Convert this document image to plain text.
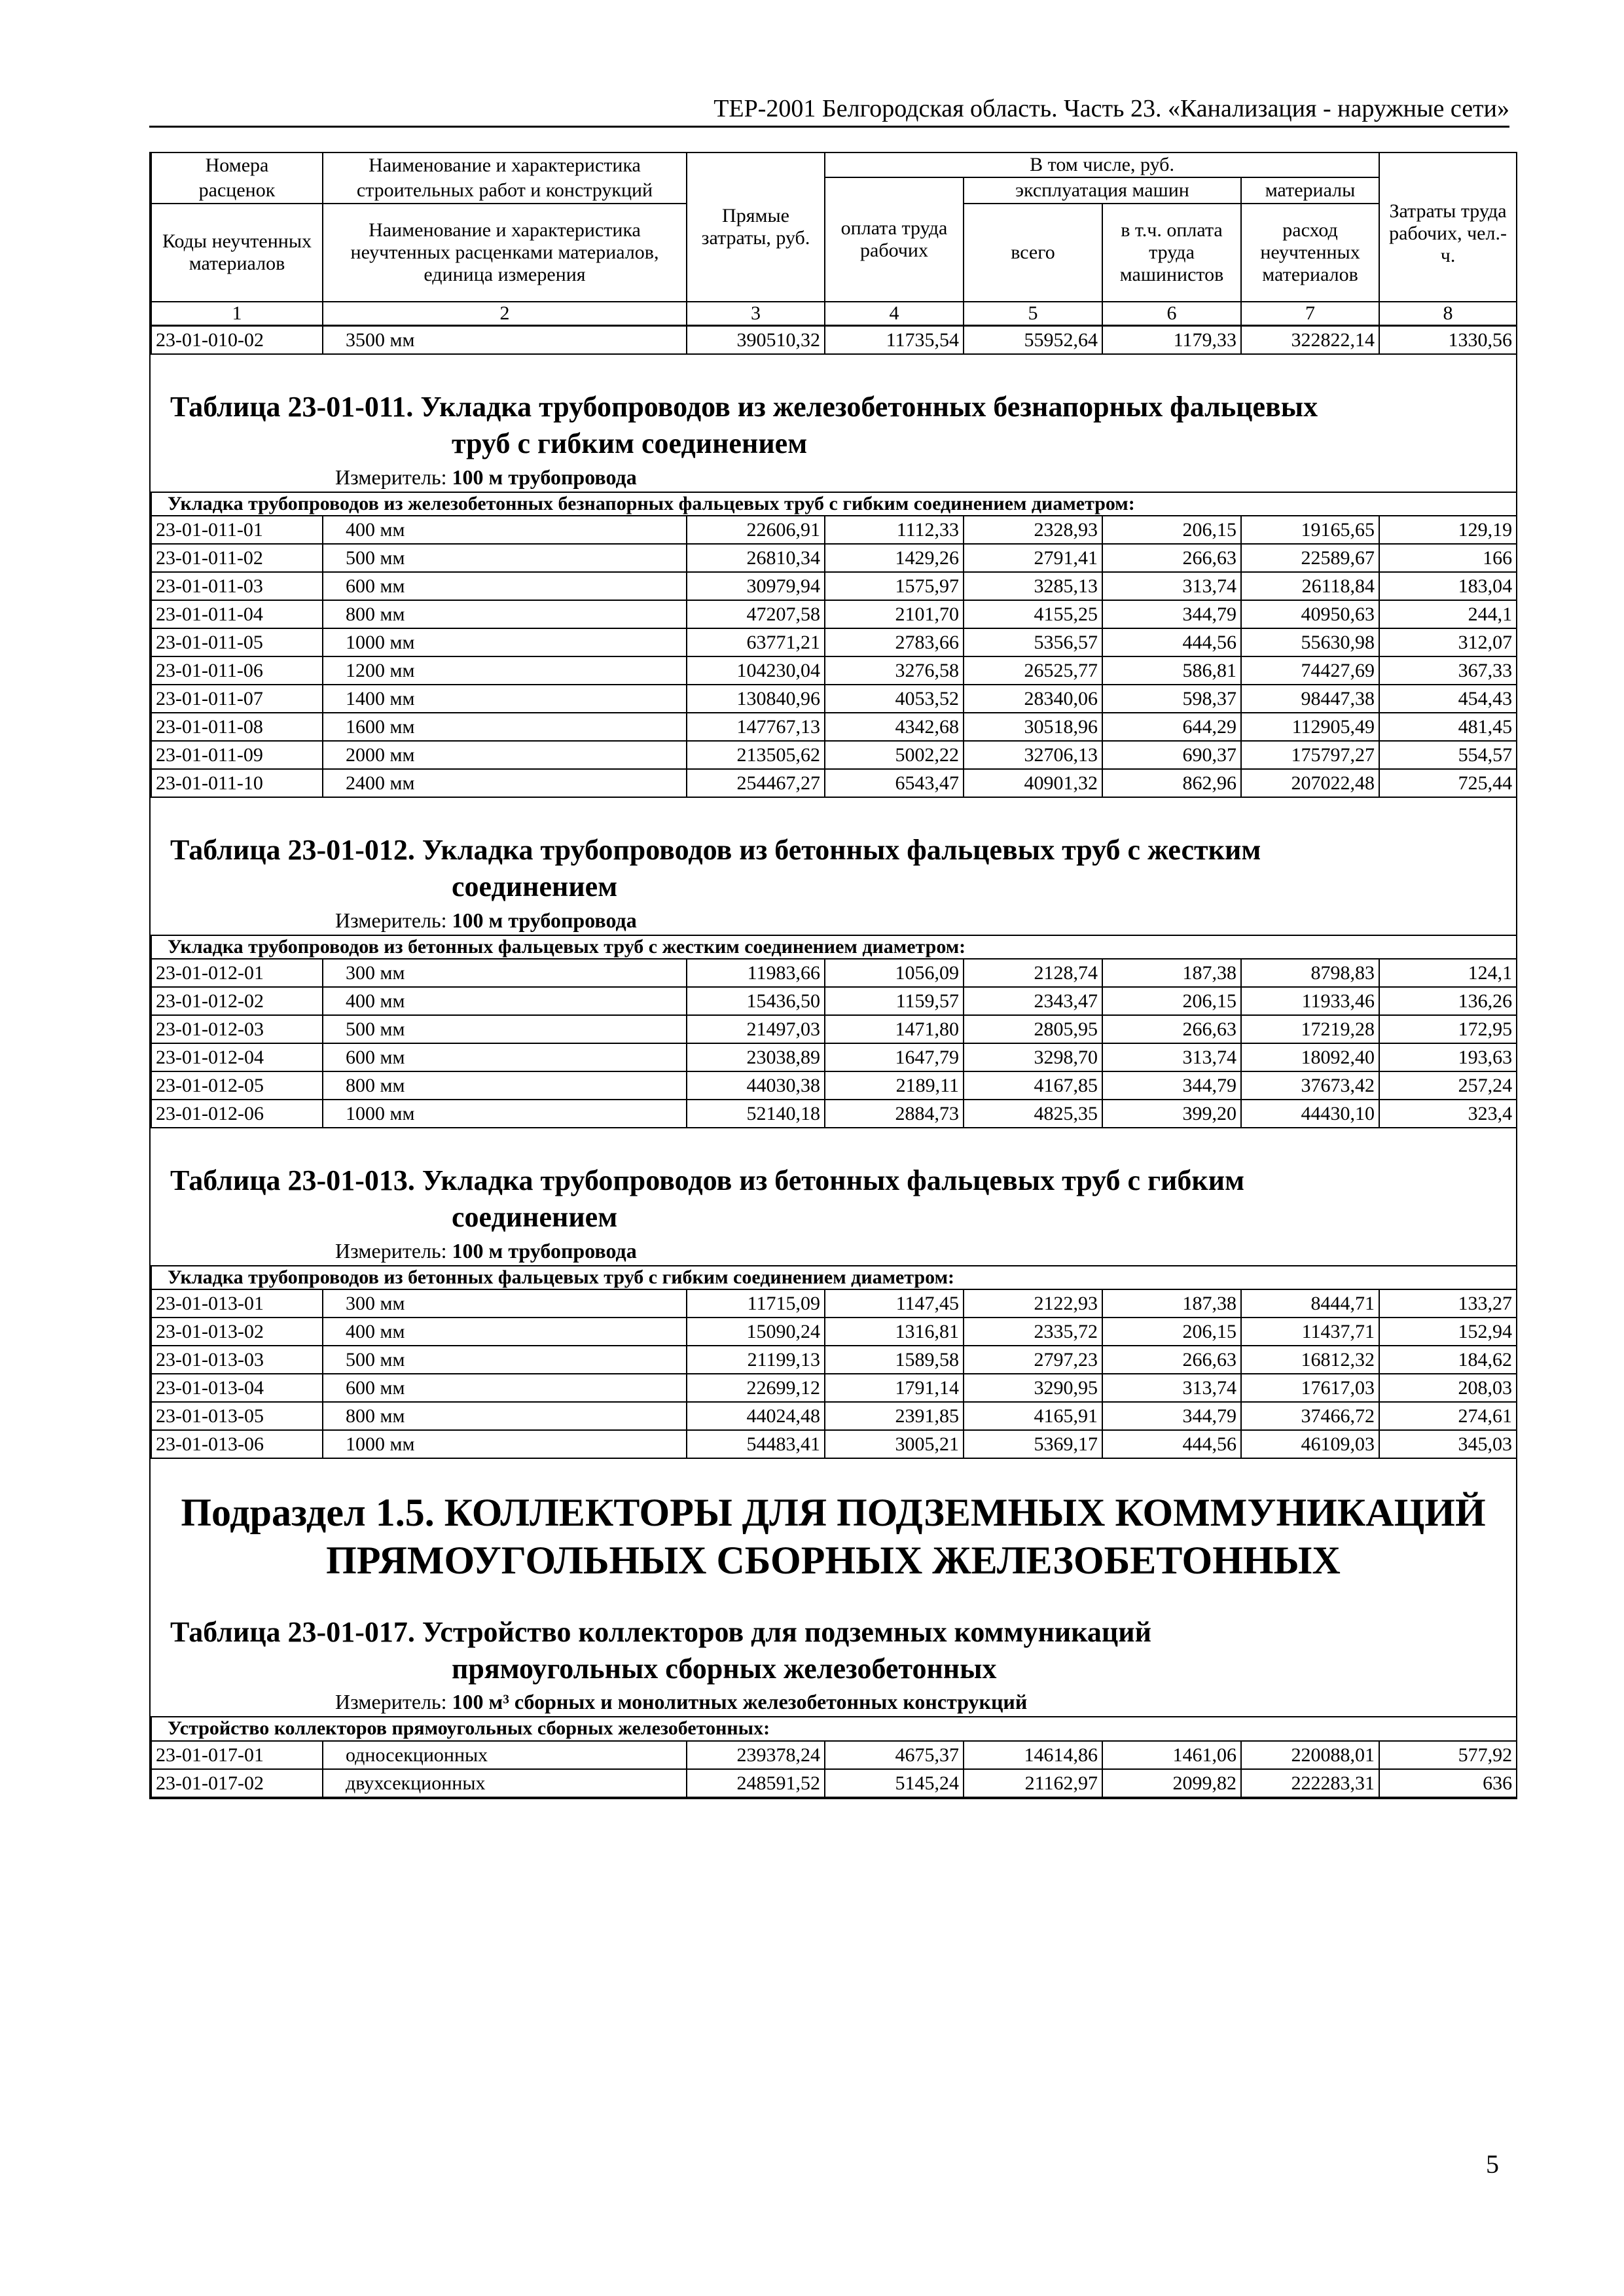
ТЕР-2001 Белгородская область. Часть 23. «Канализация - наружные сети»
Номера	Наименование и характеристика	Прямые затраты, руб.	В том числе, руб.				Затраты труда рабочих, чел.-ч.
расценок	строительных работ и конструкций		оплата труда рабочих	эксплуатация машин		материалы	
Коды неучтенных материалов	Наименование и характеристика неучтенных расценками материалов, единица измерения			всего	в т.ч. оплата труда машинистов	расход неучтенных материалов	
1	2	3	4	5	6	7	8

23-01-010-02	3500 мм	390510,32	11735,54	55952,64	1179,33	322822,14	1330,56
Таблица 23-01-011. Укладка трубопроводов из железобетонных безнапорных фальцевых
труб с гибким соединением
Измеритель: 100 м трубопровода
Укладка трубопроводов из железобетонных безнапорных фальцевых труб с гибким соединением диаметром:							
23-01-011-01	400 мм	22606,91	1112,33	2328,93	206,15	19165,65	129,19
23-01-011-02	500 мм	26810,34	1429,26	2791,41	266,63	22589,67	166
23-01-011-03	600 мм	30979,94	1575,97	3285,13	313,74	26118,84	183,04
23-01-011-04	800 мм	47207,58	2101,70	4155,25	344,79	40950,63	244,1
23-01-011-05	1000 мм	63771,21	2783,66	5356,57	444,56	55630,98	312,07
23-01-011-06	1200 мм	104230,04	3276,58	26525,77	586,81	74427,69	367,33
23-01-011-07	1400 мм	130840,96	4053,52	28340,06	598,37	98447,38	454,43
23-01-011-08	1600 мм	147767,13	4342,68	30518,96	644,29	112905,49	481,45
23-01-011-09	2000 мм	213505,62	5002,22	32706,13	690,37	175797,27	554,57
23-01-011-10	2400 мм	254467,27	6543,47	40901,32	862,96	207022,48	725,44
Таблица 23-01-012. Укладка трубопроводов из бетонных фальцевых труб с жестким
соединением
Измеритель: 100 м трубопровода
Укладка трубопроводов из бетонных фальцевых труб с жестким соединением диаметром:							
23-01-012-01	300 мм	11983,66	1056,09	2128,74	187,38	8798,83	124,1
23-01-012-02	400 мм	15436,50	1159,57	2343,47	206,15	11933,46	136,26
23-01-012-03	500 мм	21497,03	1471,80	2805,95	266,63	17219,28	172,95
23-01-012-04	600 мм	23038,89	1647,79	3298,70	313,74	18092,40	193,63
23-01-012-05	800 мм	44030,38	2189,11	4167,85	344,79	37673,42	257,24
23-01-012-06	1000 мм	52140,18	2884,73	4825,35	399,20	44430,10	323,4
Таблица 23-01-013. Укладка трубопроводов из бетонных фальцевых труб с гибким
соединением
Измеритель: 100 м трубопровода
Укладка трубопроводов из бетонных фальцевых труб с гибким соединением диаметром:							
23-01-013-01	300 мм	11715,09	1147,45	2122,93	187,38	8444,71	133,27
23-01-013-02	400 мм	15090,24	1316,81	2335,72	206,15	11437,71	152,94
23-01-013-03	500 мм	21199,13	1589,58	2797,23	266,63	16812,32	184,62
23-01-013-04	600 мм	22699,12	1791,14	3290,95	313,74	17617,03	208,03
23-01-013-05	800 мм	44024,48	2391,85	4165,91	344,79	37466,72	274,61
23-01-013-06	1000 мм	54483,41	3005,21	5369,17	444,56	46109,03	345,03
Подраздел 1.5. КОЛЛЕКТОРЫ ДЛЯ ПОДЗЕМНЫХ КОММУНИКАЦИЙ
ПРЯМОУГОЛЬНЫХ СБОРНЫХ ЖЕЛЕЗОБЕТОННЫХ
Таблица 23-01-017. Устройство коллекторов для подземных коммуникаций
прямоугольных сборных железобетонных
Измеритель: 100 м³ сборных и монолитных железобетонных конструкций
Устройство коллекторов прямоугольных сборных железобетонных:							
23-01-017-01	односекционных	239378,24	4675,37	14614,86	1461,06	220088,01	577,92
23-01-017-02	двухсекционных	248591,52	5145,24	21162,97	2099,82	222283,31	636
5
